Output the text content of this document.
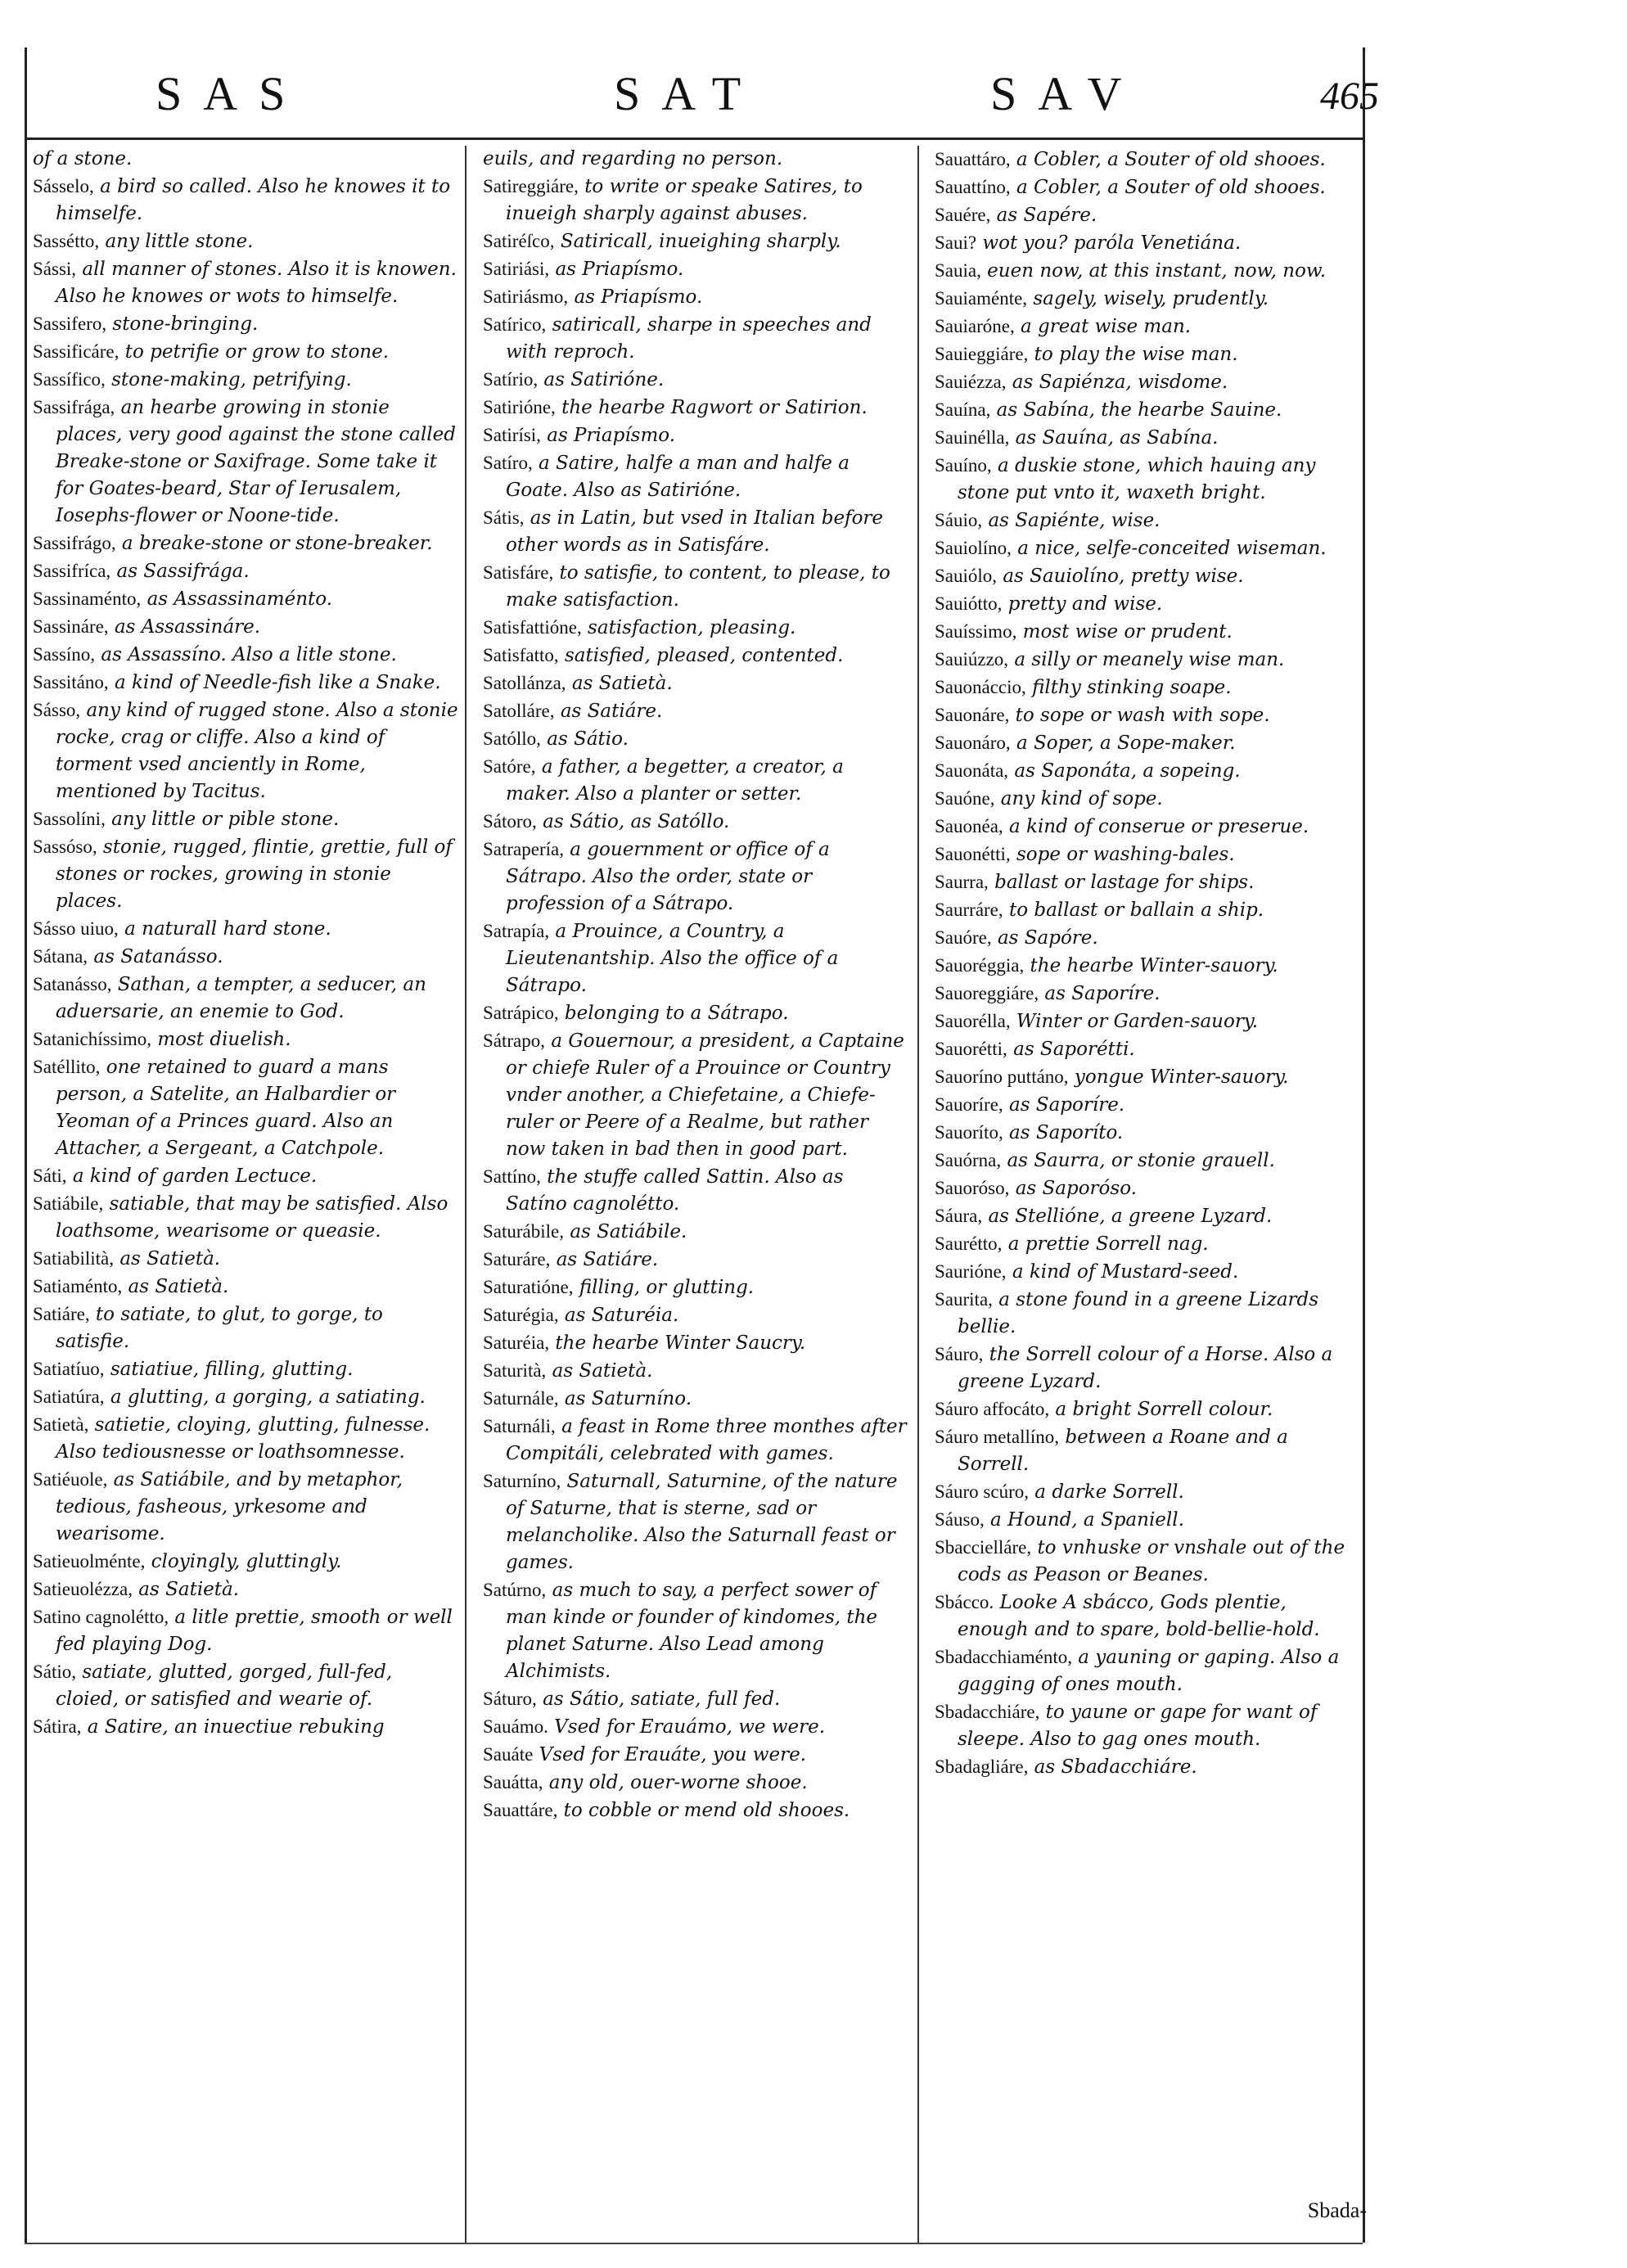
SAS	SAT	SAV	465

of a stone.

Sásselo, a bird so called. Also he knowes it to himselfe.

Sassétto, any little stone.

Sássi, all manner of stones. Also it is knowen. Also he knowes or wots to himselfe.

Sassifero, stone-bringing.

Sassificáre, to petrifie or grow to stone.

Sassífico, stone-making, petrifying.

Sassifrága, an hearbe growing in stonie places, very good against the stone called Breake-stone or Saxifrage. Some take it for Goates-beard, Star of Ierusalem, Iosephs-flower or Noone-tide.

Sassifrágo, a breake-stone or stone-breaker.

Sassifríca, as Sassifrága.

Sassinaménto, as Assassinaménto.

Sassináre, as Assassináre.

Sassíno, as Assassíno. Also a litle stone.

Sassitáno, a kind of Needle-fish like a Snake.

Sásso, any kind of rugged stone. Also a stonie rocke, crag or cliffe. Also a kind of torment vsed anciently in Rome, mentioned by Tacitus.

Sassolíni, any little or pible stone.

Sassóso, stonie, rugged, flintie, grettie, full of stones or rockes, growing in stonie places.

Sásso uiuo, a naturall hard stone.

Sátana, as Satanásso.

Satanásso, Sathan, a tempter, a seducer, an aduersarie, an enemie to God.

Satanichíssimo, most diuelish.

Satéllito, one retained to guard a mans person, a Satelite, an Halbardier or Yeoman of a Princes guard. Also an Attacher, a Sergeant, a Catchpole.

Sáti, a kind of garden Lectuce.

Satiábile, satiable, that may be satisfied. Also loathsome, wearisome or queasie.

Satiabilità, as Satietà.

Satiaménto, as Satietà.

Satiáre, to satiate, to glut, to gorge, to satisfie.

Satiatíuo, satiatiue, filling, glutting.

Satiatúra, a glutting, a gorging, a satiating.

Satietà, satietie, cloying, glutting, fulnesse. Also tediousnesse or loathsomnesse.

Satiéuole, as Satiábile, and by metaphor, tedious, fasheous, yrkesome and wearisome.

Satieuolménte, cloyingly, gluttingly.

Satieuolézza, as Satietà.

Satino cagnolétto, a litle prettie, smooth or well fed playing Dog.

Sátio, satiate, glutted, gorged, full-fed, cloied, or satisfied and wearie of.

Sátira, a Satire, an inuectiue rebuking

euils, and regarding no person.

Satireggiáre, to write or speake Satires, to inueigh sharply against abuses.

Satiréſco, Satiricall, inueighing sharply.

Satiriási, as Priapísmo.

Satiriásmo, as Priapísmo.

Satírico, satiricall, sharpe in speeches and with reproch.

Satírio, as Satirióne.

Satirióne, the hearbe Ragwort or Satirion.

Satirísi, as Priapísmo.

Satíro, a Satire, halfe a man and halfe a Goate. Also as Satirióne.

Sátis, as in Latin, but vsed in Italian before other words as in Satisfáre.

Satisfáre, to satisfie, to content, to please, to make satisfaction.

Satisfattióne, satisfaction, pleasing.

Satisfatto, satisfied, pleased, contented.

Satollánza, as Satietà.

Satolláre, as Satiáre.

Satóllo, as Sátio.

Satóre, a father, a begetter, a creator, a maker. Also a planter or setter.

Sátoro, as Sátio, as Satóllo.

Satrapería, a gouernment or office of a Sátrapo. Also the order, state or profession of a Sátrapo.

Satrapía, a Prouince, a Country, a Lieutenantship. Also the office of a Sátrapo.

Satrápico, belonging to a Sátrapo.

Sátrapo, a Gouernour, a president, a Captaine or chiefe Ruler of a Prouince or Country vnder another, a Chiefetaine, a Chiefe-ruler or Peere of a Realme, but rather now taken in bad then in good part.

Sattíno, the stuffe called Sattin. Also as Satíno cagnolétto.

Saturábile, as Satiábile.

Saturáre, as Satiáre.

Saturatióne, filling, or glutting.

Saturégia, as Saturéia.

Saturéia, the hearbe Winter Saucry.

Saturità, as Satietà.

Saturnále, as Saturníno.

Saturnáli, a feast in Rome three monthes after Compitáli, celebrated with games.

Saturníno, Saturnall, Saturnine, of the nature of Saturne, that is sterne, sad or melancholike. Also the Saturnall feast or games.

Satúrno, as much to say, a perfect sower of man kinde or founder of kindomes, the planet Saturne. Also Lead among Alchimists.

Sáturo, as Sátio, satiate, full fed.

Sauámo. Vsed for Erauámo, we were.

Sauáte Vsed for Erauáte, you were.

Sauátta, any old, ouer-worne shooe.

Sauattáre, to cobble or mend old shooes.

Sauattáro, a Cobler, a Souter of old shooes.

Sauattíno, a Cobler, a Souter of old shooes.

Sauére, as Sapére.

Saui? wot you? paróla Venetiána.

Sauia, euen now, at this instant, now, now.

Sauiaménte, sagely, wisely, prudently.

Sauiaróne, a great wise man.

Sauieggiáre, to play the wise man.

Sauiézza, as Sapiénza, wisdome.

Sauína, as Sabína, the hearbe Sauine.

Sauinélla, as Sauína, as Sabína.

Sauíno, a duskie stone, which hauing any stone put vnto it, waxeth bright.

Sáuio, as Sapiénte, wise.

Sauiolíno, a nice, selfe-conceited wiseman.

Sauiólo, as Sauiolíno, pretty wise.

Sauiótto, pretty and wise.

Sauíssimo, most wise or prudent.

Sauiúzzo, a silly or meanely wise man.

Sauonáccio, filthy stinking soape.

Sauonáre, to sope or wash with sope.

Sauonáro, a Soper, a Sope-maker.

Sauonáta, as Saponáta, a sopeing.

Sauóne, any kind of sope.

Sauonéa, a kind of conserue or preserue.

Sauonétti, sope or washing-bales.

Saurra, ballast or lastage for ships.

Saurráre, to ballast or ballain a ship.

Sauóre, as Sapóre.

Sauoréggia, the hearbe Winter-sauory.

Sauoreggiáre, as Saporíre.

Sauorélla, Winter or Garden-sauory.

Sauorétti, as Saporétti.

Sauoríno puttáno, yongue Winter-sauory.

Sauoríre, as Saporíre.

Sauoríto, as Saporíto.

Sauórna, as Saurra, or stonie grauell.

Sauoróso, as Saporóso.

Sáura, as Stellióne, a greene Lyzard.

Saurétto, a prettie Sorrell nag.

Saurióne, a kind of Mustard-seed.

Saurita, a stone found in a greene Lizards bellie.

Sáuro, the Sorrell colour of a Horse. Also a greene Lyzard.

Sáuro affocáto, a bright Sorrell colour.

Sáuro metallíno, between a Roane and a Sorrell.

Sáuro scúro, a darke Sorrell.

Sáuso, a Hound, a Spaniell.

Sbaccielláre, to vnhuske or vnshale out of the cods as Peason or Beanes.

Sbácco. Looke A sbácco, Gods plentie, enough and to spare, bold-bellie-hold.

Sbadacchiaménto, a yauning or gaping. Also a gagging of ones mouth.

Sbadacchiáre, to yaune or gape for want of sleepe. Also to gag ones mouth.

Sbadagliáre, as Sbadacchiáre.

Sbada-
